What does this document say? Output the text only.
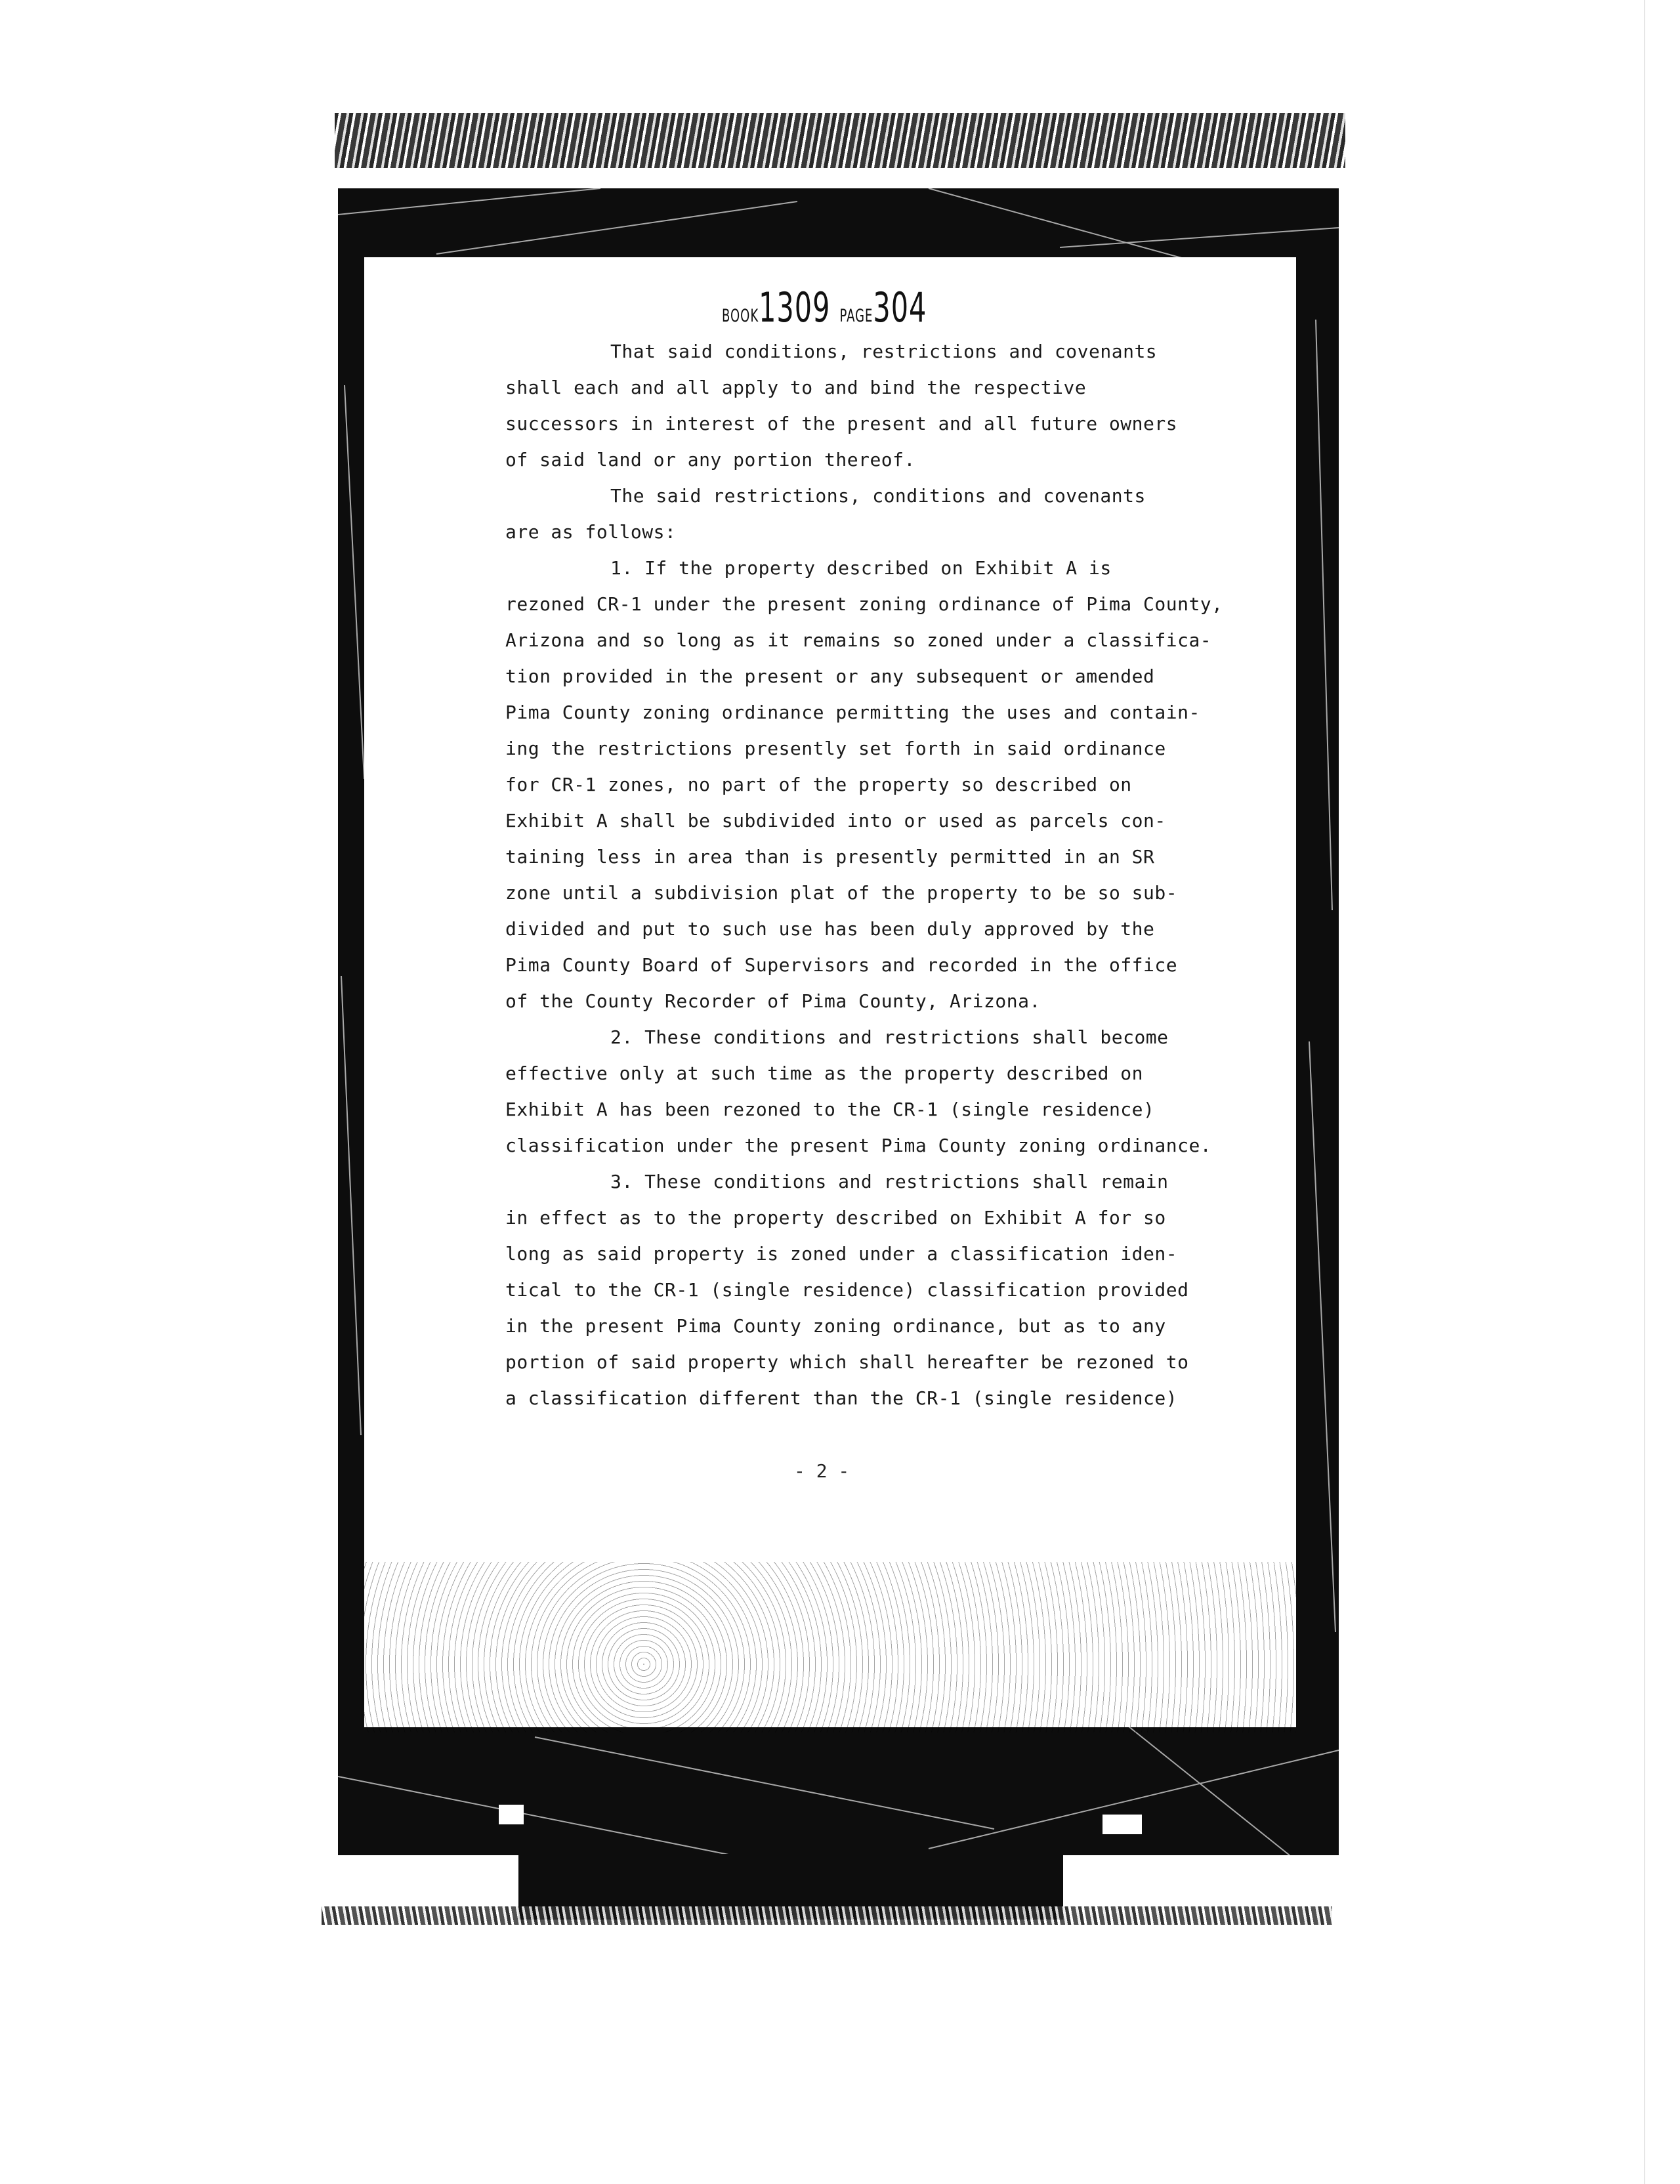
BOOK1309 PAGE304
That said conditions, restrictions and covenants
shall each and all apply to and bind the respective
successors in interest of the present and all future owners
of said land or any portion thereof.
The said restrictions, conditions and covenants
are as follows:
1. If the property described on Exhibit A is
rezoned CR-1 under the present zoning ordinance of Pima County,
Arizona and so long as it remains so zoned under a classifica-
tion provided in the present or any subsequent or amended
Pima County zoning ordinance permitting the uses and contain-
ing the restrictions presently set forth in said ordinance
for CR-1 zones, no part of the property so described on
Exhibit A shall be subdivided into or used as parcels con-
taining less in area than is presently permitted in an SR
zone until a subdivision plat of the property to be so sub-
divided and put to such use has been duly approved by the
Pima County Board of Supervisors and recorded in the office
of the County Recorder of Pima County, Arizona.
2. These conditions and restrictions shall become
effective only at such time as the property described on
Exhibit A has been rezoned to the CR-1 (single residence)
classification under the present Pima County zoning ordinance.
3. These conditions and restrictions shall remain
in effect as to the property described on Exhibit A for so
long as said property is zoned under a classification iden-
tical to the CR-1 (single residence) classification provided
in the present Pima County zoning ordinance, but as to any
portion of said property which shall hereafter be rezoned to
a classification different than the CR-1 (single residence)
- 2 -
